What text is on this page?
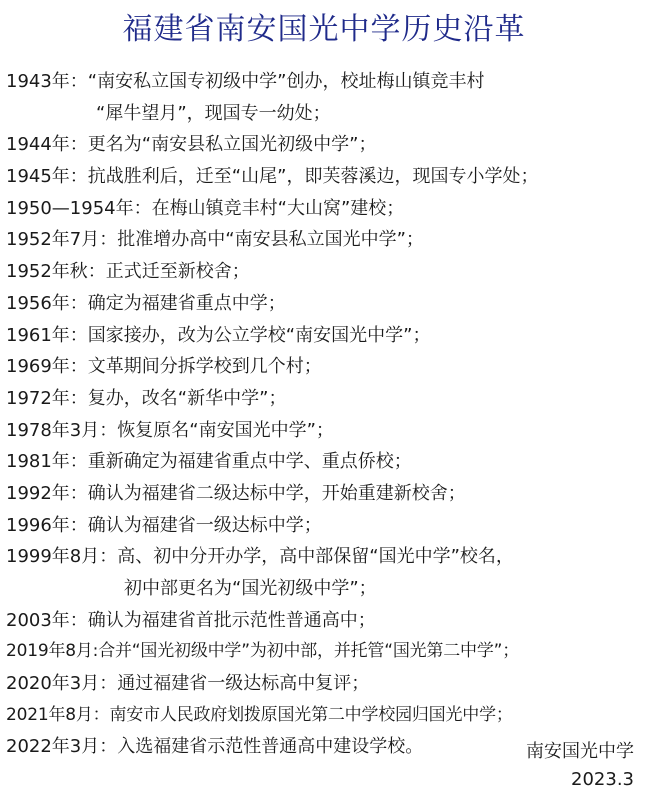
福建省南安国光中学历史沿革
1943年：“南安私立国专初级中学”创办，校址梅山镇竞丰村
“犀牛望月”，现国专一幼处；
1944年：更名为“南安县私立国光初级中学”；
1945年：抗战胜利后，迁至“山尾”，即芙蓉溪边，现国专小学处；
1950—1954年：在梅山镇竞丰村“大山窝”建校；
1952年7月：批准增办高中“南安县私立国光中学”；
1952年秋：正式迁至新校舍；
1956年：确定为福建省重点中学；
1961年：国家接办，改为公立学校“南安国光中学”；
1969年：文革期间分拆学校到几个村；
1972年：复办，改名“新华中学”；
1978年3月：恢复原名“南安国光中学”；
1981年：重新确定为福建省重点中学、重点侨校；
1992年：确认为福建省二级达标中学，开始重建新校舍；
1996年：确认为福建省一级达标中学；
1999年8月：高、初中分开办学，高中部保留“国光中学”校名，
初中部更名为“国光初级中学”；
2003年：确认为福建省首批示范性普通高中；
2019年8月:合并“国光初级中学”为初中部，并托管“国光第二中学”；
2020年3月：通过福建省一级达标高中复评；
2021年8月：南安市人民政府划拨原国光第二中学校园归国光中学；
2022年3月：入选福建省示范性普通高中建设学校。	南安国光中学
2023.3
